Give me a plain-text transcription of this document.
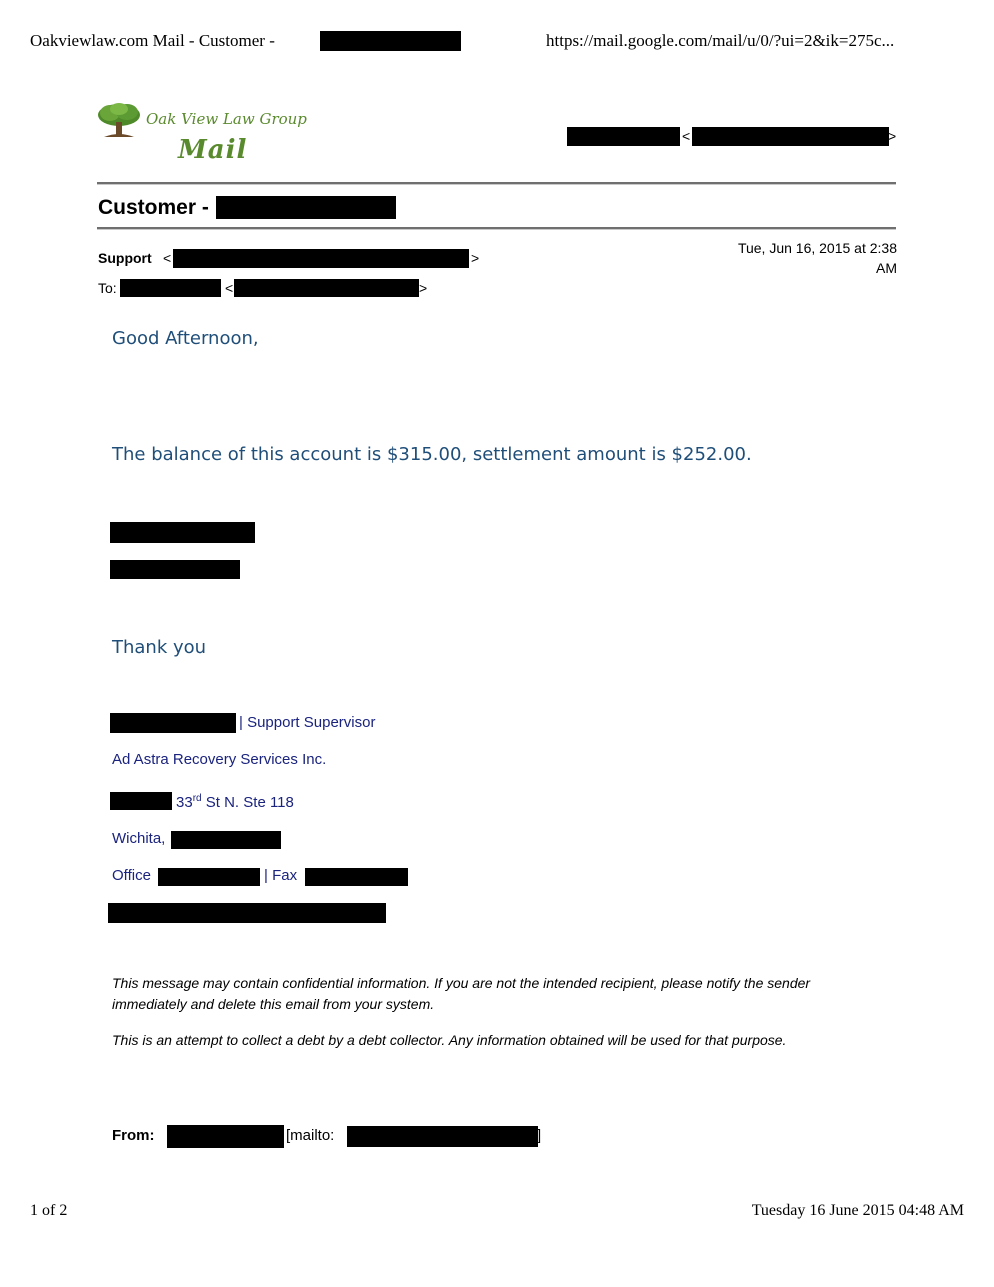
Oakviewlaw.com Mail - Customer -	https://mail.google.com/mail/u/0/?ui=2&ik=275c...
Oak View Law Group
Mail	<	>
Customer -
Support <	>
Tue, Jun 16, 2015 at 2:38
AM
To:	<	>
Good Afternoon,
The balance of this account is $315.00, settlement amount is $252.00.
Thank you
| Support Supervisor
Ad Astra Recovery Services Inc.
33rd St N. Ste 118
Wichita,
Office	| Fax
This message may contain confidential information. If you are not the intended recipient, please notify the sender immediately and delete this email from your system.
This is an attempt to collect a debt by a debt collector. Any information obtained will be used for that purpose.
From:	[mailto:	]
1 of 2	Tuesday 16 June 2015 04:48 AM
